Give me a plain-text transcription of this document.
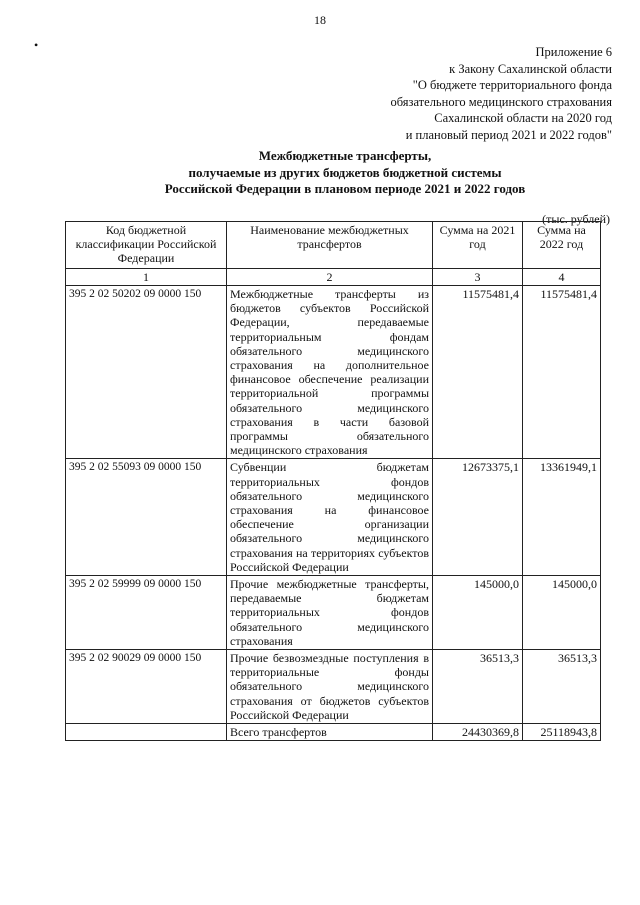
18
•	Приложение 6
к Закону Сахалинской области
"О бюджете территориального фонда
обязательного медицинского страхования
Сахалинской области на 2020 год
и плановый период 2021 и 2022 годов"
Межбюджетные трансферты,
получаемые из других бюджетов бюджетной системы
Российской Федерации в плановом периоде 2021 и 2022 годов
(тыс. рублей)
Код бюджетной классификации Российской Федерации	Наименование межбюджетных трансфертов	Сумма на 2021 год	Сумма на 2022 год
1	2	3	4
395 2 02 50202 09 0000 150	Межбюджетные трансферты из бюджетов субъектов Российской Федерации, передаваемые территориальным фондам обязательного медицинского страхования на дополнительное финансовое обеспечение реализации территориальной программы обязательного медицинского страхования в части базовой программы обязательного медицинского страхования	11575481,4	11575481,4
395 2 02 55093 09 0000 150	Субвенции бюджетам территориальных фондов обязательного медицинского страхования на финансовое обеспечение организации обязательного медицинского страхования на территориях субъектов Российской Федерации	12673375,1	13361949,1
395 2 02 59999 09 0000 150	Прочие межбюджетные трансферты, передаваемые бюджетам территориальных фондов обязательного медицинского страхования	145000,0	145000,0
395 2 02 90029 09 0000 150	Прочие безвозмездные поступления в территориальные фонды обязательного медицинского страхования от бюджетов субъектов Российской Федерации	36513,3	36513,3
	Всего трансфертов	24430369,8	25118943,8
